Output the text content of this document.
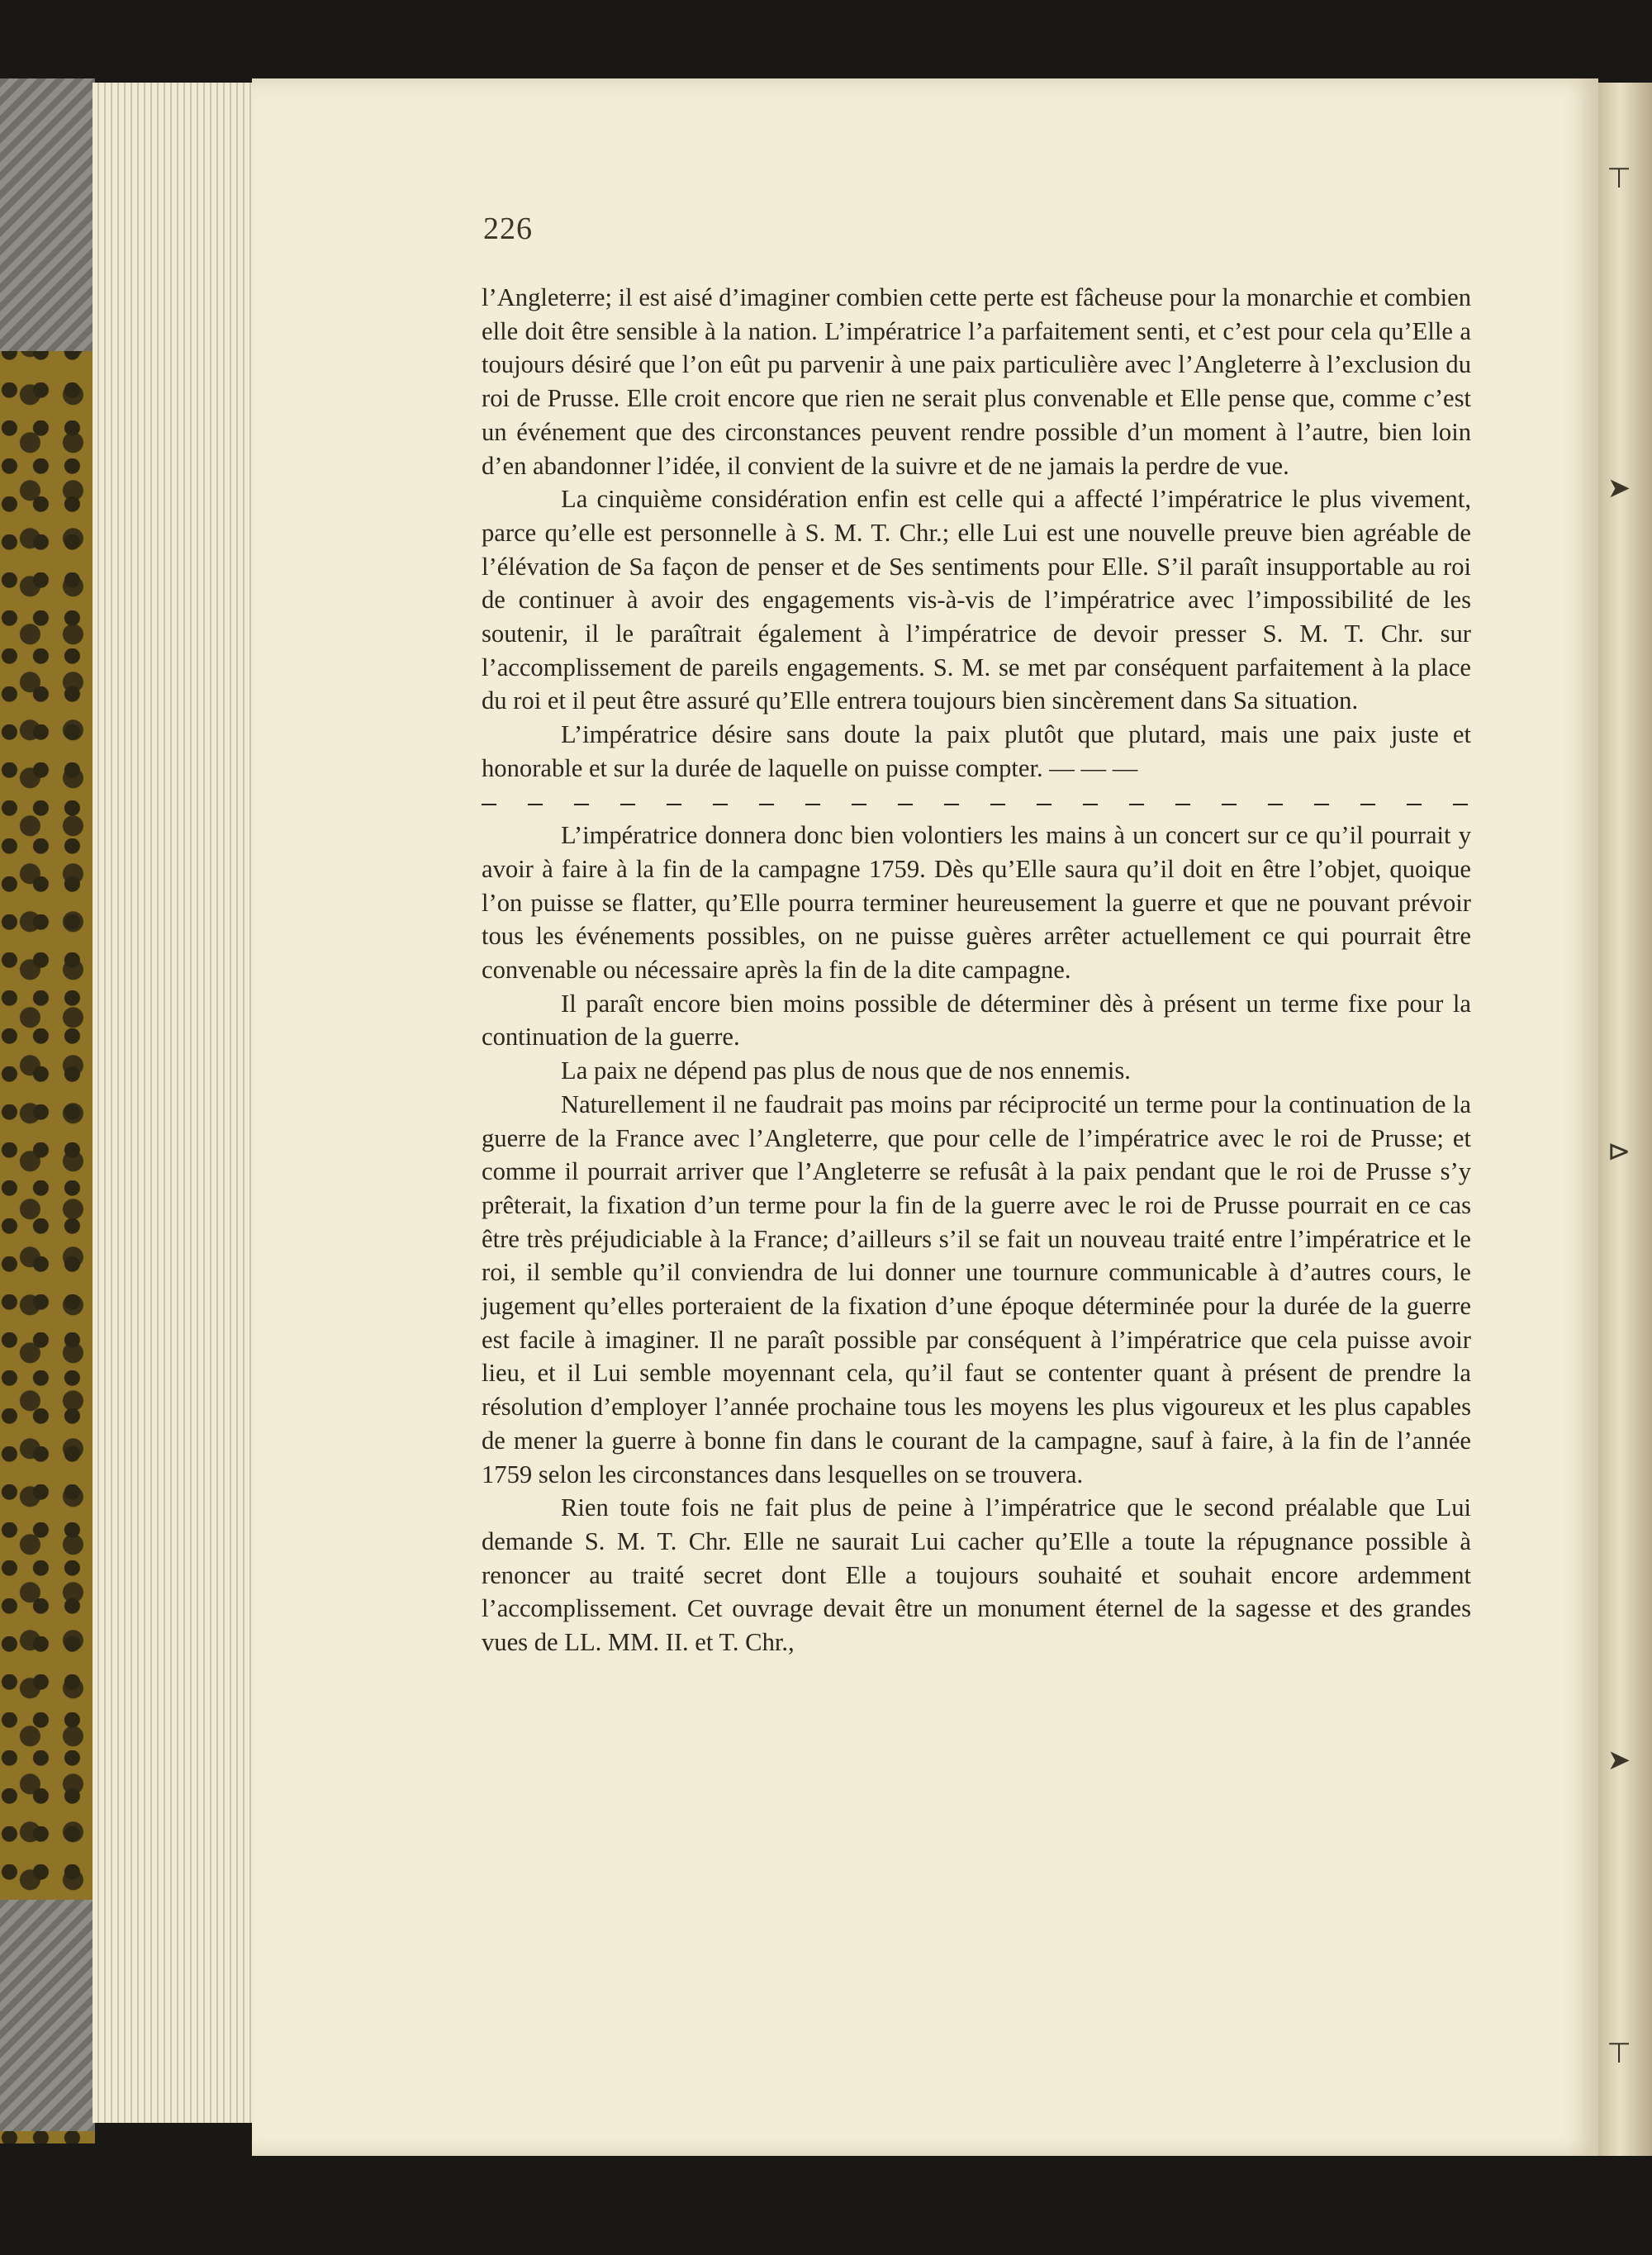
⊤
➤
⊳
➤
⊤
226

l’Angleterre; il est aisé d’imaginer combien cette perte est fâcheuse pour la monarchie et combien elle doit être sensible à la nation. L’impératrice l’a parfaitement senti, et c’est pour cela qu’Elle a toujours désiré que l’on eût pu parvenir à une paix particulière avec l’Angleterre à l’exclusion du roi de Prusse. Elle croit encore que rien ne serait plus convenable et Elle pense que, comme c’est un événement que des circonstances peuvent rendre possible d’un moment à l’autre, bien loin d’en abandonner l’idée, il convient de la suivre et de ne jamais la perdre de vue.

La cinquième considération enfin est celle qui a affecté l’impératrice le plus vivement, parce qu’elle est personnelle à S. M. T. Chr.; elle Lui est une nouvelle preuve bien agréable de l’élévation de Sa façon de penser et de Ses sentiments pour Elle. S’il paraît insupportable au roi de continuer à avoir des engagements vis-à-vis de l’impératrice avec l’impossibilité de les soutenir, il le paraîtrait également à l’impératrice de devoir presser S. M. T. Chr. sur l’accomplissement de pareils engagements. S. M. se met par conséquent parfaitement à la place du roi et il peut être assuré qu’Elle entrera toujours bien sincèrement dans Sa situation.

L’impératrice désire sans doute la paix plutôt que plutard, mais une paix juste et honorable et sur la durée de laquelle on puisse compter. — — —

L’impératrice donnera donc bien volontiers les mains à un concert sur ce qu’il pourrait y avoir à faire à la fin de la campagne 1759. Dès qu’Elle saura qu’il doit en être l’objet, quoique l’on puisse se flatter, qu’Elle pourra terminer heureusement la guerre et que ne pouvant prévoir tous les événements possibles, on ne puisse guères arrêter actuellement ce qui pourrait être convenable ou nécessaire après la fin de la dite campagne.

Il paraît encore bien moins possible de déterminer dès à présent un terme fixe pour la continuation de la guerre.

La paix ne dépend pas plus de nous que de nos ennemis.

Naturellement il ne faudrait pas moins par réciprocité un terme pour la continuation de la guerre de la France avec l’Angleterre, que pour celle de l’impératrice avec le roi de Prusse; et comme il pourrait arriver que l’Angleterre se refusât à la paix pendant que le roi de Prusse s’y prêterait, la fixation d’un terme pour la fin de la guerre avec le roi de Prusse pourrait en ce cas être très préjudiciable à la France; d’ailleurs s’il se fait un nouveau traité entre l’impératrice et le roi, il semble qu’il conviendra de lui donner une tournure communicable à d’autres cours, le jugement qu’elles porteraient de la fixation d’une époque déterminée pour la durée de la guerre est facile à imaginer. Il ne paraît possible par conséquent à l’impératrice que cela puisse avoir lieu, et il Lui semble moyennant cela, qu’il faut se contenter quant à présent de prendre la résolution d’employer l’année prochaine tous les moyens les plus vigoureux et les plus capables de mener la guerre à bonne fin dans le courant de la campagne, sauf à faire, à la fin de l’année 1759 selon les circonstances dans lesquelles on se trouvera.

Rien toute fois ne fait plus de peine à l’impératrice que le second préalable que Lui demande S. M. T. Chr. Elle ne saurait Lui cacher qu’Elle a toute la répugnance possible à renoncer au traité secret dont Elle a toujours souhaité et souhait encore ardemment l’accomplissement. Cet ouvrage devait être un monument éternel de la sagesse et des grandes vues de LL. MM. II. et T. Chr.,
